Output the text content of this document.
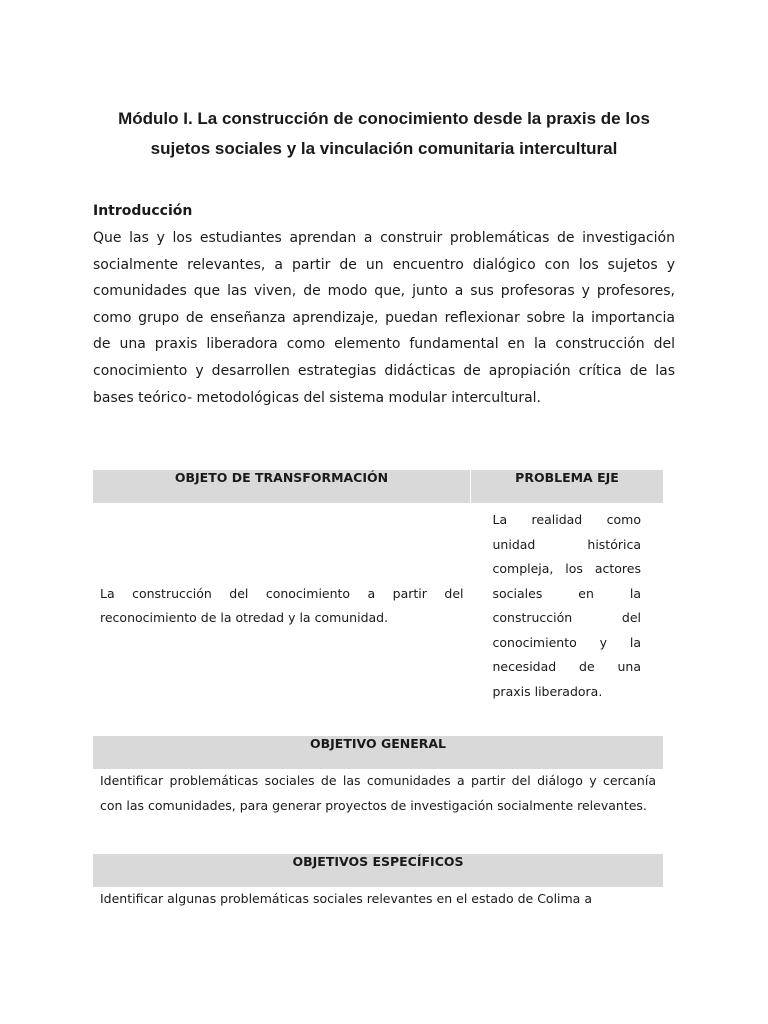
Módulo I. La construcción de conocimiento desde la praxis de los sujetos sociales y la vinculación comunitaria intercultural
Introducción

Que las y los estudiantes aprendan a construir problemáticas de investigación socialmente relevantes, a partir de un encuentro dialógico con los sujetos y comunidades que las viven, de modo que, junto a sus profesoras y profesores, como grupo de enseñanza aprendizaje, puedan reflexionar sobre la importancia de una praxis liberadora como elemento fundamental en la construcción del conocimiento y desarrollen estrategias didácticas de apropiación crítica de las bases teórico- metodológicas del sistema modular intercultural.

OBJETO DE TRANSFORMACIÓN	PROBLEMA EJE

La construcción del conocimiento a partir del reconocimiento de la otredad y la comunidad.	La realidad como unidad histórica compleja, los actores sociales en la construcción del conocimiento y la necesidad de una praxis liberadora.
OBJETIVO GENERAL

Identificar problemáticas sociales de las comunidades a partir del diálogo y cercanía con las comunidades, para generar proyectos de investigación socialmente relevantes.
OBJETIVOS ESPECÍFICOS

Identificar algunas problemáticas sociales relevantes en el estado de Colima a
